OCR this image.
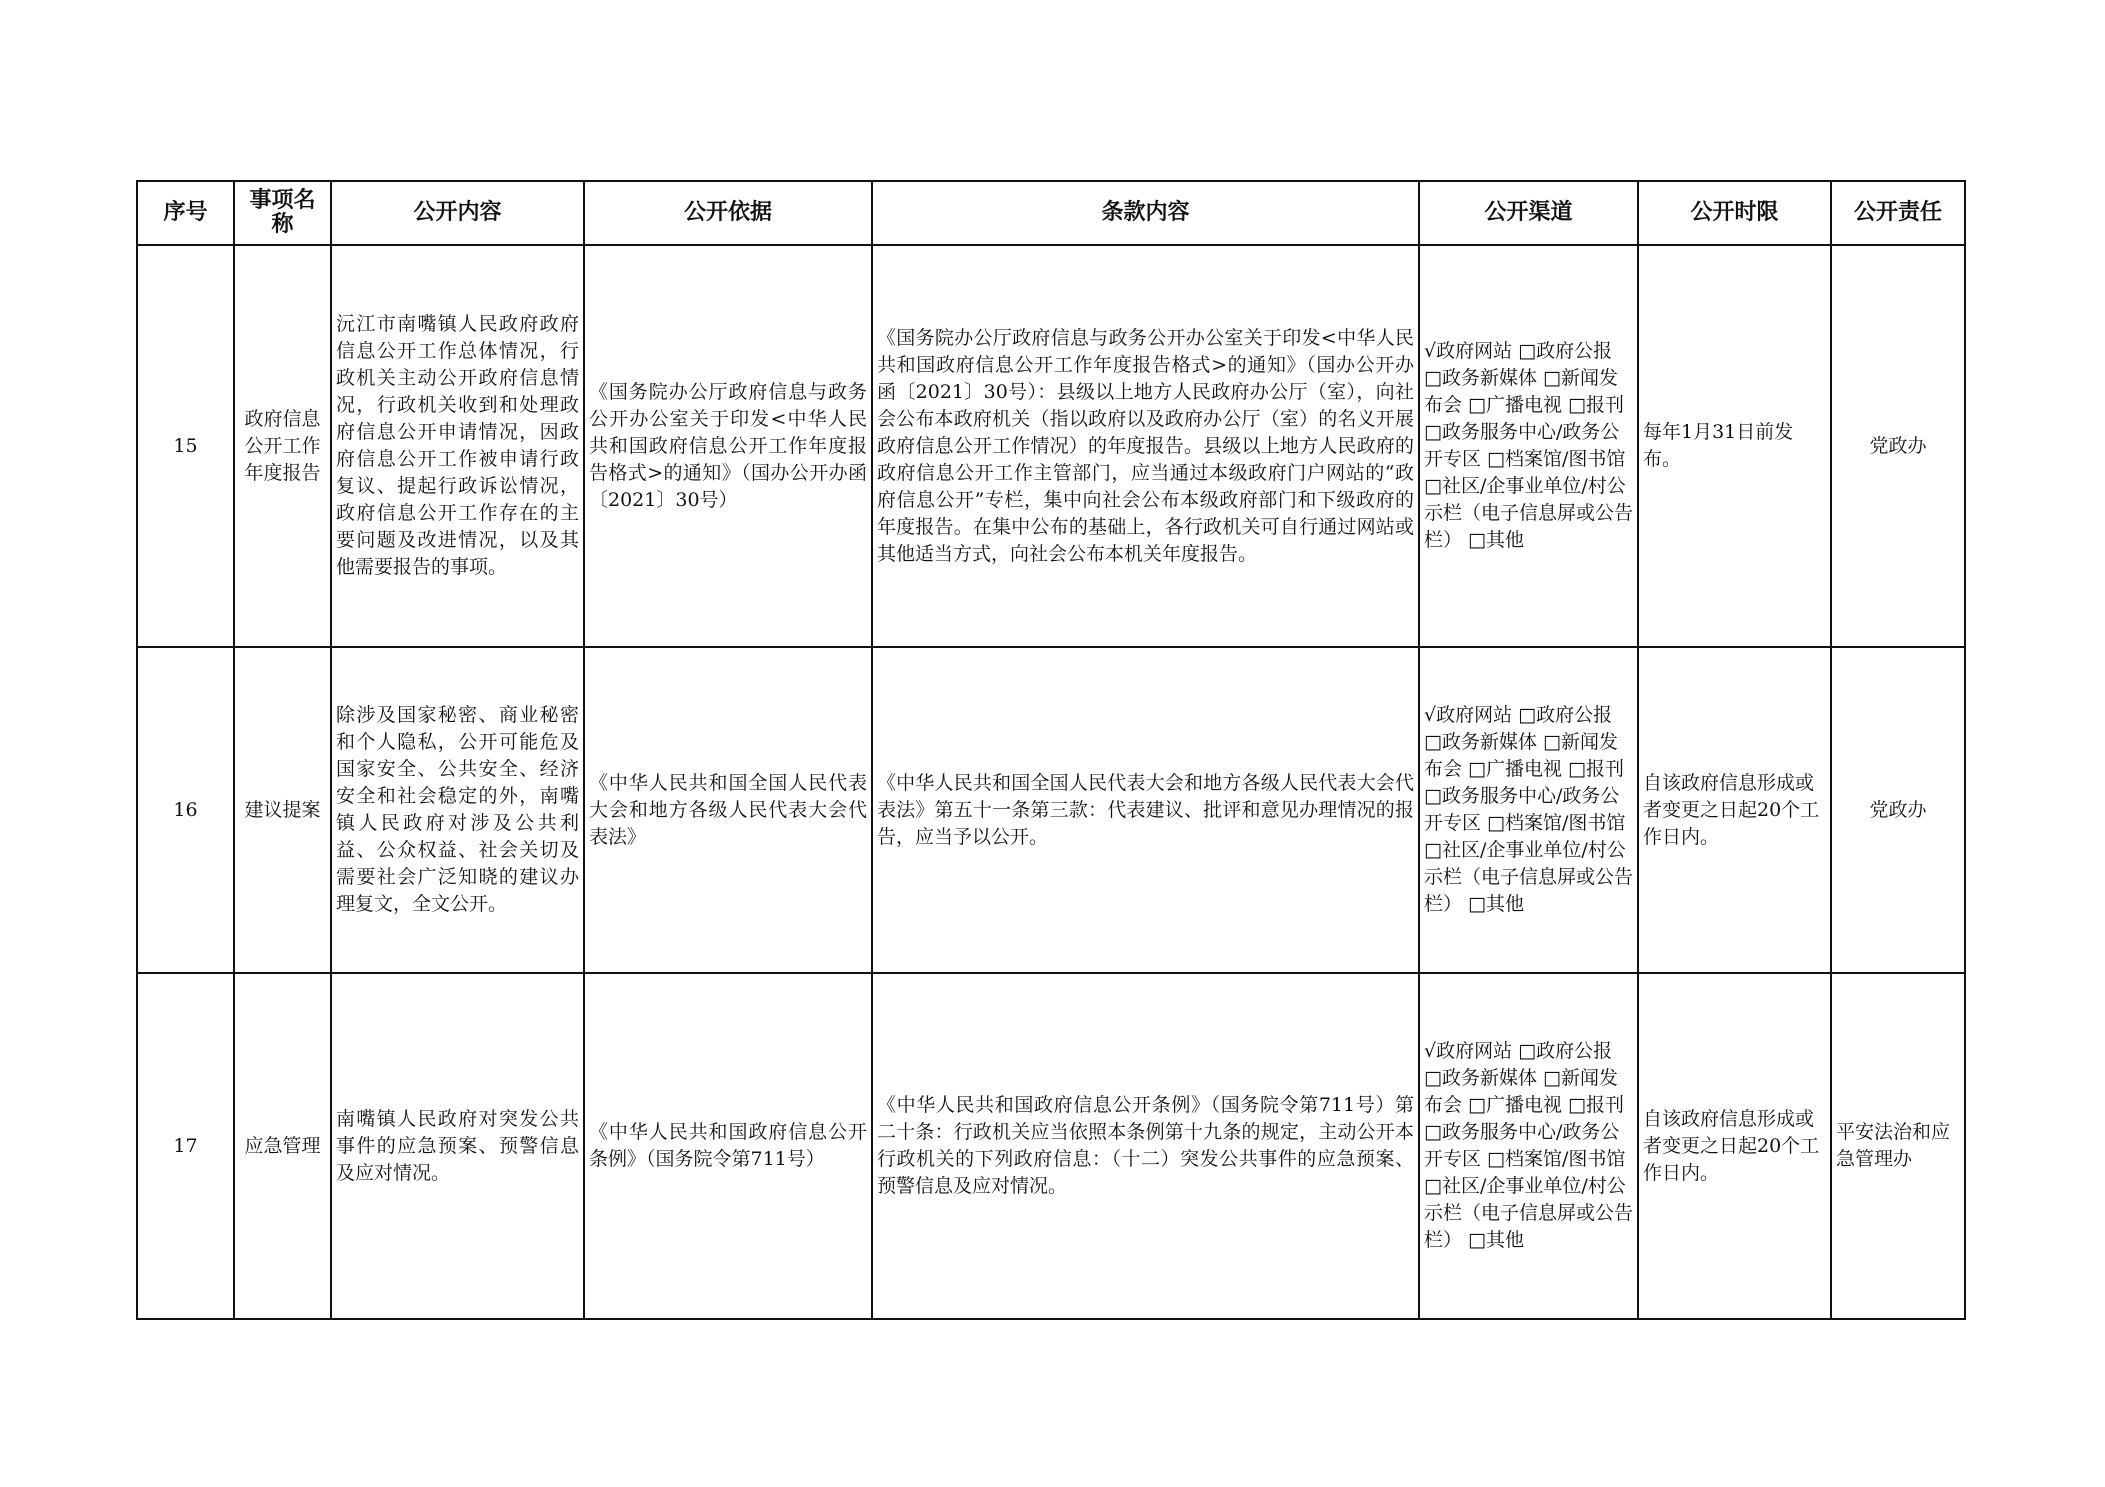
序号	事项名称	公开内容	公开依据	条款内容	公开渠道	公开时限	公开责任
15	政府信息公开工作年度报告	沅江市南嘴镇人民政府政府信息公开工作总体情况，行政机关主动公开政府信息情况，行政机关收到和处理政府信息公开申请情况，因政府信息公开工作被申请行政复议、提起行政诉讼情况，政府信息公开工作存在的主要问题及改进情况，以及其他需要报告的事项。	《国务院办公厅政府信息与政务公开办公室关于印发<中华人民共和国政府信息公开工作年度报告格式>的通知》（国办公开办函〔2021〕30号）	《国务院办公厅政府信息与政务公开办公室关于印发<中华人民共和国政府信息公开工作年度报告格式>的通知》（国办公开办函〔2021〕30号）：县级以上地方人民政府办公厅（室），向社会公布本政府机关（指以政府以及政府办公厅（室）的名义开展政府信息公开工作情况）的年度报告。县级以上地方人民政府的政府信息公开工作主管部门，应当通过本级政府门户网站的“政府信息公开”专栏，集中向社会公布本级政府部门和下级政府的年度报告。在集中公布的基础上，各行政机关可自行通过网站或其他适当方式，向社会公布本机关年度报告。	√政府网站 □政府公报 □政务新媒体 □新闻发布会 □广播电视 □报刊 □政务服务中心/政务公开专区 □档案馆/图书馆 □社区/企事业单位/村公示栏（电子信息屏或公告栏） □其他	每年1月31日前发布。	党政办
16	建议提案	除涉及国家秘密、商业秘密和个人隐私，公开可能危及国家安全、公共安全、经济安全和社会稳定的外，南嘴镇人民政府对涉及公共利益、公众权益、社会关切及需要社会广泛知晓的建议办理复文，全文公开。	《中华人民共和国全国人民代表大会和地方各级人民代表大会代表法》	《中华人民共和国全国人民代表大会和地方各级人民代表大会代表法》第五十一条第三款：代表建议、批评和意见办理情况的报告，应当予以公开。	√政府网站 □政府公报 □政务新媒体 □新闻发布会 □广播电视 □报刊 □政务服务中心/政务公开专区 □档案馆/图书馆 □社区/企事业单位/村公示栏（电子信息屏或公告栏） □其他	自该政府信息形成或者变更之日起20个工作日内。	党政办
17	应急管理	南嘴镇人民政府对突发公共事件的应急预案、预警信息及应对情况。	《中华人民共和国政府信息公开条例》（国务院令第711号）	《中华人民共和国政府信息公开条例》（国务院令第711号）第二十条：行政机关应当依照本条例第十九条的规定，主动公开本行政机关的下列政府信息：（十二）突发公共事件的应急预案、预警信息及应对情况。	√政府网站 □政府公报 □政务新媒体 □新闻发布会 □广播电视 □报刊 □政务服务中心/政务公开专区 □档案馆/图书馆 □社区/企事业单位/村公示栏（电子信息屏或公告栏） □其他	自该政府信息形成或者变更之日起20个工作日内。	平安法治和应急管理办
